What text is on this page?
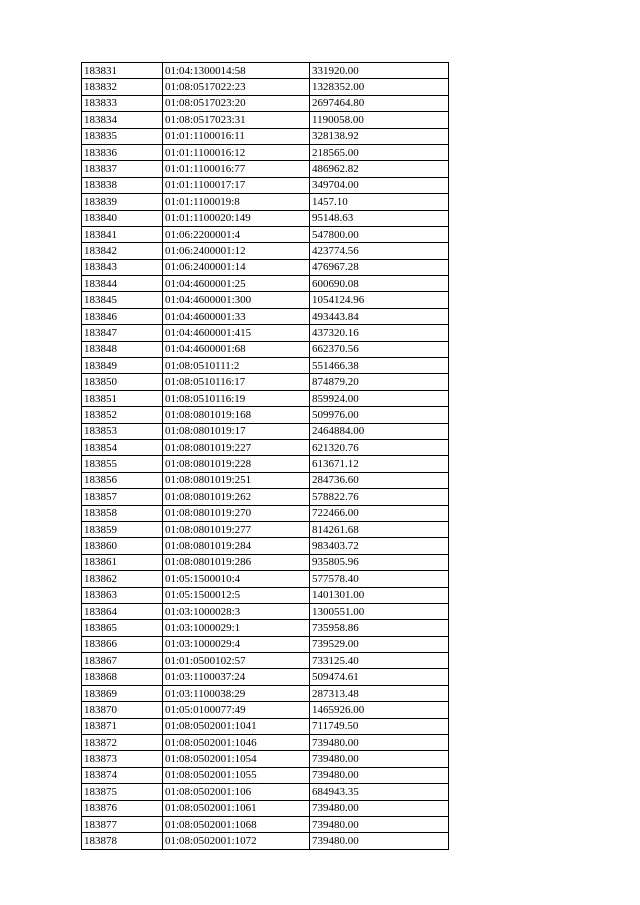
183831	01:04:1300014:58	331920.00
183832	01:08:0517022:23	1328352.00
183833	01:08:0517023:20	2697464.80
183834	01:08:0517023:31	1190058.00
183835	01:01:1100016:11	328138.92
183836	01:01:1100016:12	218565.00
183837	01:01:1100016:77	486962.82
183838	01:01:1100017:17	349704.00
183839	01:01:1100019:8	1457.10
183840	01:01:1100020:149	95148.63
183841	01:06:2200001:4	547800.00
183842	01:06:2400001:12	423774.56
183843	01:06:2400001:14	476967.28
183844	01:04:4600001:25	600690.08
183845	01:04:4600001:300	1054124.96
183846	01:04:4600001:33	493443.84
183847	01:04:4600001:415	437320.16
183848	01:04:4600001:68	662370.56
183849	01:08:0510111:2	551466.38
183850	01:08:0510116:17	874879.20
183851	01:08:0510116:19	859924.00
183852	01:08:0801019:168	509976.00
183853	01:08:0801019:17	2464884.00
183854	01:08:0801019:227	621320.76
183855	01:08:0801019:228	613671.12
183856	01:08:0801019:251	284736.60
183857	01:08:0801019:262	578822.76
183858	01:08:0801019:270	722466.00
183859	01:08:0801019:277	814261.68
183860	01:08:0801019:284	983403.72
183861	01:08:0801019:286	935805.96
183862	01:05:1500010:4	577578.40
183863	01:05:1500012:5	1401301.00
183864	01:03:1000028:3	1300551.00
183865	01:03:1000029:1	735958.86
183866	01:03:1000029:4	739529.00
183867	01:01:0500102:57	733125.40
183868	01:03:1100037:24	509474.61
183869	01:03:1100038:29	287313.48
183870	01:05:0100077:49	1465926.00
183871	01:08:0502001:1041	711749.50
183872	01:08:0502001:1046	739480.00
183873	01:08:0502001:1054	739480.00
183874	01:08:0502001:1055	739480.00
183875	01:08:0502001:106	684943.35
183876	01:08:0502001:1061	739480.00
183877	01:08:0502001:1068	739480.00
183878	01:08:0502001:1072	739480.00
